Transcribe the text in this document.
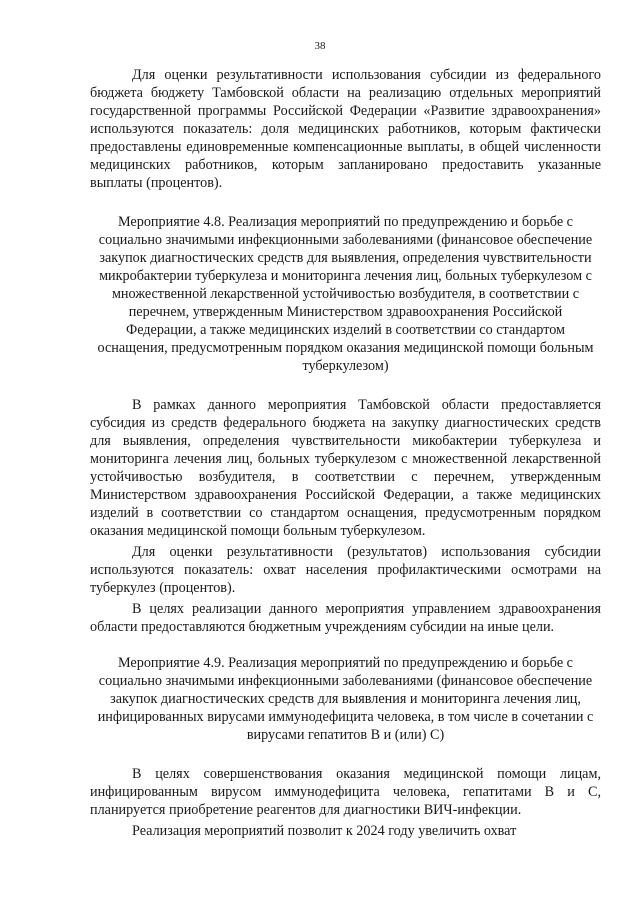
38

Для оценки результативности использования субсидии из федерального бюджета бюджету Тамбовской области на реализацию отдельных мероприятий государственной программы Российской Федерации «Развитие здравоохранения» используются показатель: доля медицинских работников, которым фактически предоставлены единовременные компенсационные выплаты, в общей численности медицинских работников, которым запланировано предоставить указанные выплаты (процентов).

Мероприятие 4.8. Реализация мероприятий по предупреждению и борьбе с социально значимыми инфекционными заболеваниями (финансовое обеспечение закупок диагностических средств для выявления, определения чувствительности микробактерии туберкулеза и мониторинга лечения лиц, больных туберкулезом с множественной лекарственной устойчивостью возбудителя, в соответствии с перечнем, утвержденным Министерством здравоохранения Российской Федерации, а также медицинских изделий в соответствии со стандартом оснащения, предусмотренным порядком оказания медицинской помощи больным туберкулезом)

В рамках данного мероприятия Тамбовской области предоставляется субсидия из средств федерального бюджета на закупку диагностических средств для выявления, определения чувствительности микобактерии туберкулеза и мониторинга лечения лиц, больных туберкулезом с множественной лекарственной устойчивостью возбудителя, в соответствии с перечнем, утвержденным Министерством здравоохранения Российской Федерации, а также медицинских изделий в соответствии со стандартом оснащения, предусмотренным порядком оказания медицинской помощи больным туберкулезом.

Для оценки результативности (результатов) использования субсидии используются показатель: охват населения профилактическими осмотрами на туберкулез (процентов).

В целях реализации данного мероприятия управлением здравоохранения области предоставляются бюджетным учреждениям субсидии на иные цели.

Мероприятие 4.9. Реализация мероприятий по предупреждению и борьбе с социально значимыми инфекционными заболеваниями (финансовое обеспечение закупок диагностических средств для выявления и мониторинга лечения лиц, инфицированных вирусами иммунодефицита человека, в том числе в сочетании с вирусами гепатитов В и (или) С)

В целях совершенствования оказания медицинской помощи лицам, инфицированным вирусом иммунодефицита человека, гепатитами В и С, планируется приобретение реагентов для диагностики ВИЧ-инфекции.

Реализация мероприятий позволит к 2024 году увеличить охват
